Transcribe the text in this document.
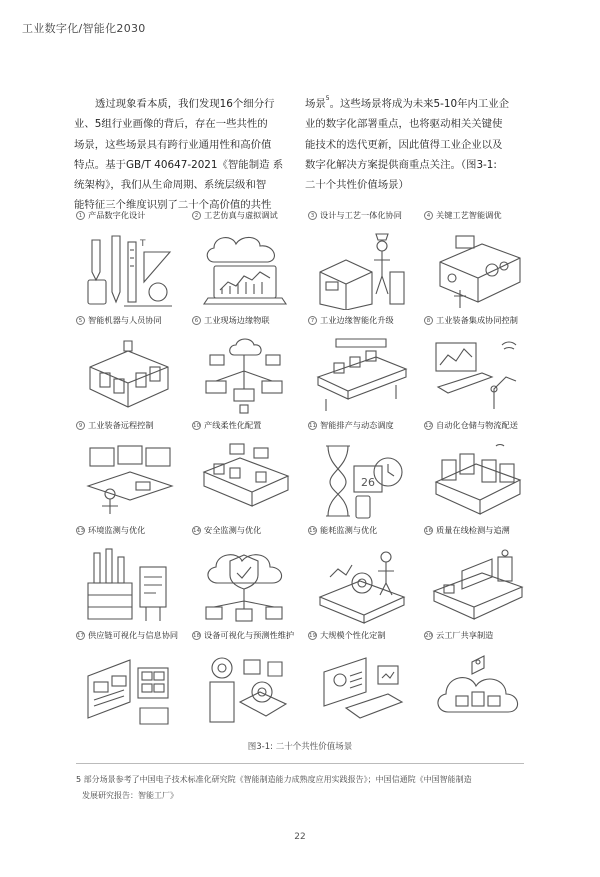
工业数字化/智能化2030

透过现象看本质，我们发现16个细分行

业、5组行业画像的背后，存在一些共性的

场景，这些场景具有跨行业通用性和高价值

特点。基于GB/T 40647-2021《智能制造 系

统架构》，我们从生命周期、系统层级和智

能特征三个维度识别了二十个高价值的共性

场景$^5$。这些场景将成为未来5-10年内工业企

业的数字化部署重点，也将驱动相关关键使

能技术的迭代更新，因此值得工业企业以及

数字化解决方案提供商重点关注。（图3-1:

二十个共性价值场景）

1 产品数字化设计
T
2 工艺仿真与虚拟调试	3 设计与工艺一体化协同	4 关键工艺智能调优
5 智能机器与人员协同	6 工业现场边缘物联	7 工业边缘智能化升级	8 工业装备集成协同控制
9 工业装备远程控制	10 产线柔性化配置	11 智能排产与动态调度
26
12 自动化仓储与物流配送
13 环境监测与优化	14 安全监测与优化	15 能耗监测与优化	16 质量在线检测与追溯
17 供应链可视化与信息协同	18 设备可视化与预测性维护	19 大规模个性化定制	20 云工厂共享制造
图3-1: 二十个共性价值场景
5 部分场景参考了中国电子技术标准化研究院《智能制造能力成熟度应用实践报告》；中国信通院《中国智能制造
发展研究报告：智能工厂》
22
